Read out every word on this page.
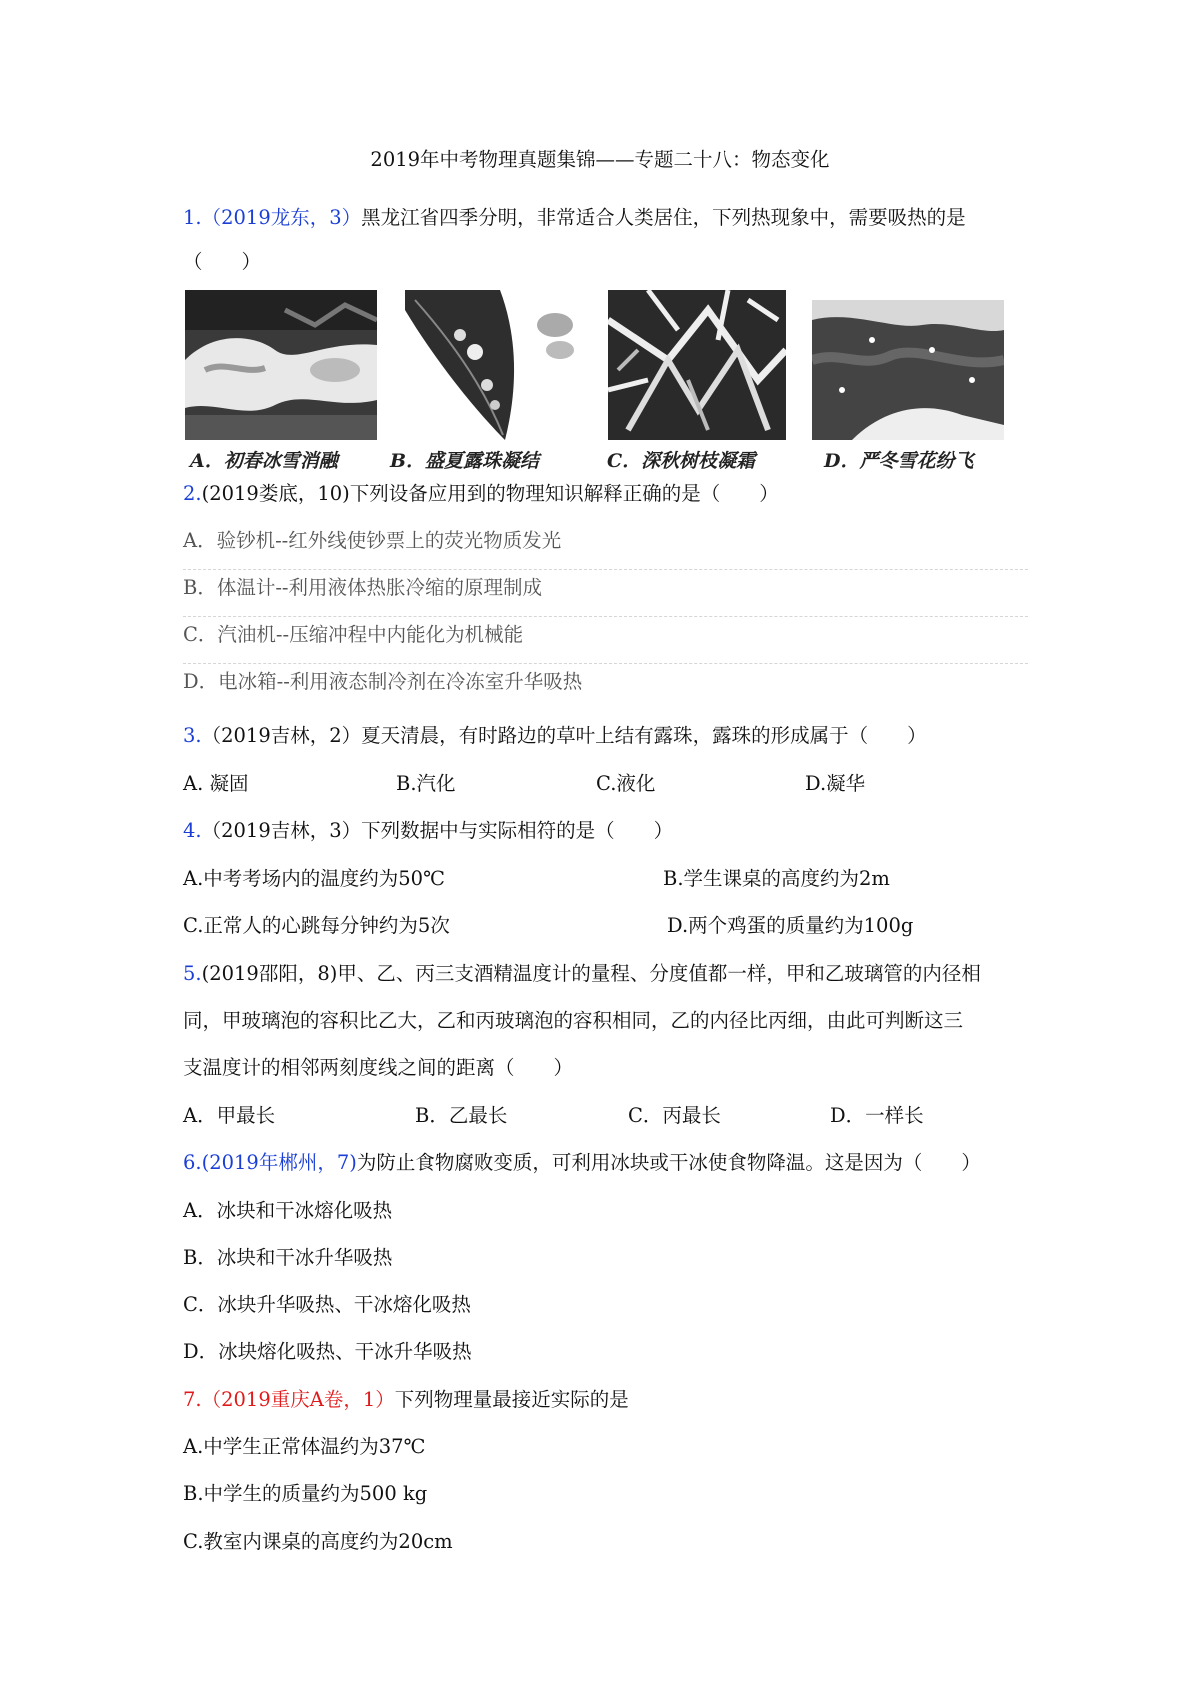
2019年中考物理真题集锦——专题二十八：物态变化
1.（2019龙东，3）黑龙江省四季分明，非常适合人类居住，下列热现象中，需要吸热的是
（　　）
A．初春冰雪消融	B．盛夏露珠凝结	C．深秋树枝凝霜	D．严冬雪花纷飞
2.(2019娄底，10)下列设备应用到的物理知识解释正确的是（　　）
A．验钞机--红外线使钞票上的荧光物质发光
B．体温计--利用液体热胀冷缩的原理制成
C．汽油机--压缩冲程中内能化为机械能
D．电冰箱--利用液态制冷剂在冷冻室升华吸热
3.（2019吉林，2）夏天清晨，有时路边的草叶上结有露珠，露珠的形成属于（　　）
A. 凝固	B.汽化	C.液化	D.凝华
4.（2019吉林，3）下列数据中与实际相符的是（　　）
A.中考考场内的温度约为50℃	B.学生课桌的高度约为2m
C.正常人的心跳每分钟约为5次	D.两个鸡蛋的质量约为100g
5.(2019邵阳，8)甲、乙、丙三支酒精温度计的量程、分度值都一样，甲和乙玻璃管的内径相
同，甲玻璃泡的容积比乙大，乙和丙玻璃泡的容积相同，乙的内径比丙细，由此可判断这三
支温度计的相邻两刻度线之间的距离（　　）
A．甲最长	B．乙最长	C．丙最长	D．一样长
6.(2019年郴州，7)为防止食物腐败变质，可利用冰块或干冰使食物降温。这是因为（　　）
A．冰块和干冰熔化吸热
B．冰块和干冰升华吸热
C．冰块升华吸热、干冰熔化吸热
D．冰块熔化吸热、干冰升华吸热
7.（2019重庆A卷，1）下列物理量最接近实际的是
A.中学生正常体温约为37℃
B.中学生的质量约为500 kg
C.教室内课桌的高度约为20cm
